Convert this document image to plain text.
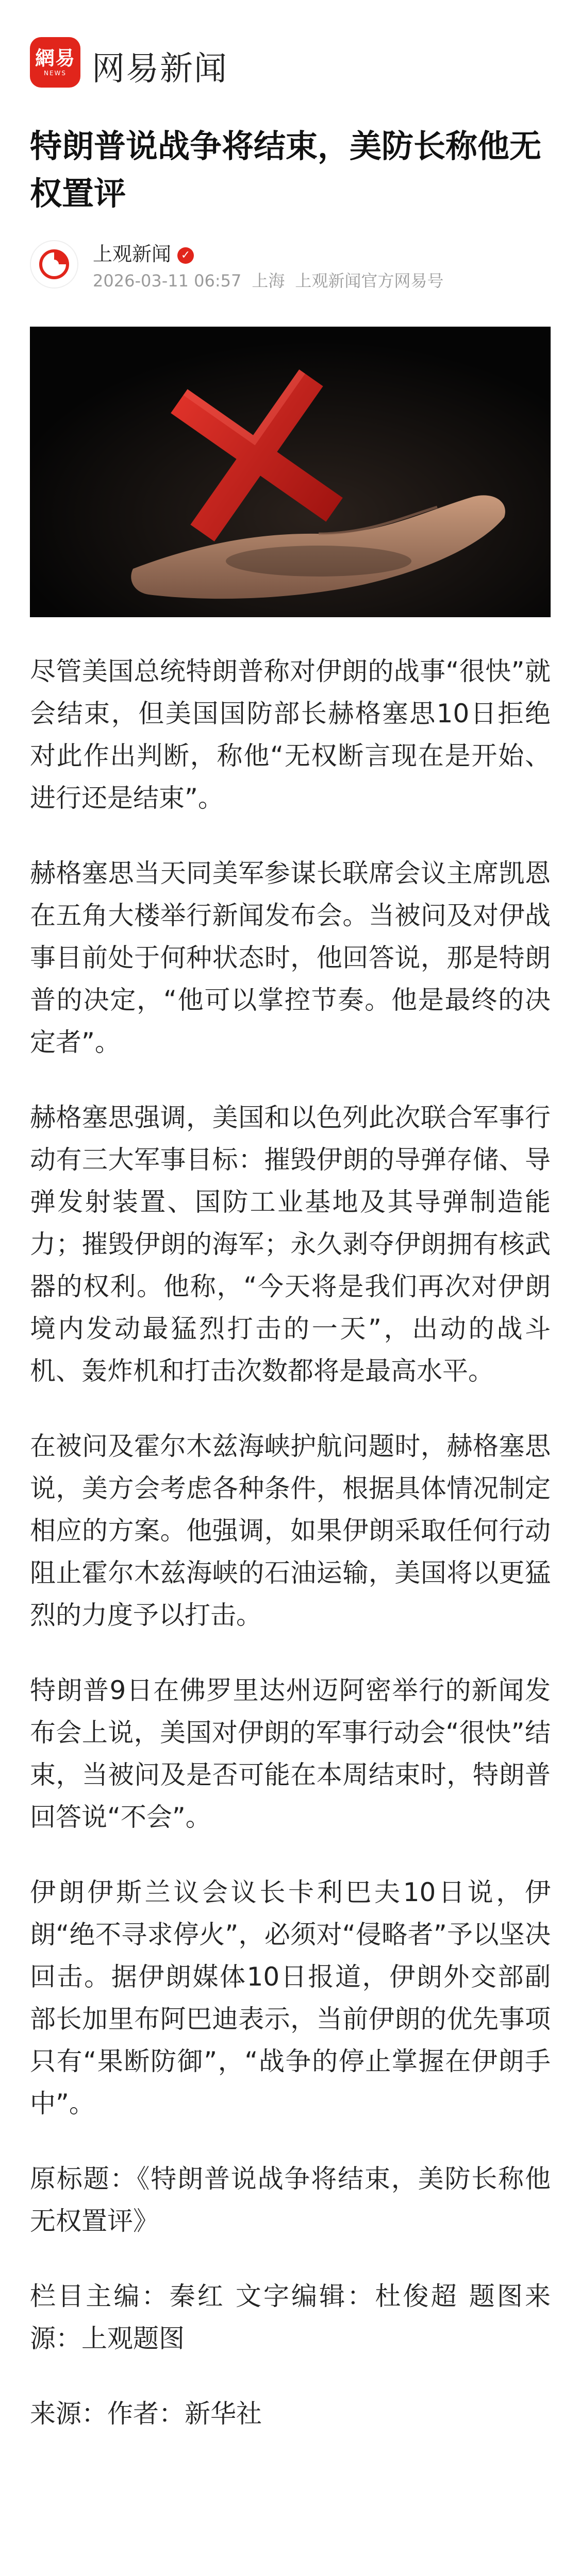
網易
NEWS 网易新闻
特朗普说战争将结束，美防长称他无权置评
上观新闻 ✓
2026-03-11 06:57 上海 上观新闻官方网易号

尽管美国总统特朗普称对伊朗的战事“很快”就会结束，但美国国防部长赫格塞思10日拒绝对此作出判断，称他“无权断言现在是开始、进行还是结束”。

赫格塞思当天同美军参谋长联席会议主席凯恩在五角大楼举行新闻发布会。当被问及对伊战事目前处于何种状态时，他回答说，那是特朗普的决定，“他可以掌控节奏。他是最终的决定者”。

赫格塞思强调，美国和以色列此次联合军事行动有三大军事目标：摧毁伊朗的导弹存储、导弹发射装置、国防工业基地及其导弹制造能力；摧毁伊朗的海军；永久剥夺伊朗拥有核武器的权利。他称，“今天将是我们再次对伊朗境内发动最猛烈打击的一天”，出动的战斗机、轰炸机和打击次数都将是最高水平。

在被问及霍尔木兹海峡护航问题时，赫格塞思说，美方会考虑各种条件，根据具体情况制定相应的方案。他强调，如果伊朗采取任何行动阻止霍尔木兹海峡的石油运输，美国将以更猛烈的力度予以打击。

特朗普9日在佛罗里达州迈阿密举行的新闻发布会上说，美国对伊朗的军事行动会“很快”结束，当被问及是否可能在本周结束时，特朗普回答说“不会”。

伊朗伊斯兰议会议长卡利巴夫10日说，伊朗“绝不寻求停火”，必须对“侵略者”予以坚决回击。据伊朗媒体10日报道，伊朗外交部副部长加里布阿巴迪表示，当前伊朗的优先事项只有“果断防御”，“战争的停止掌握在伊朗手中”。

原标题：《特朗普说战争将结束，美防长称他无权置评》

栏目主编：秦红 文字编辑：杜俊超 题图来源：上观题图

来源：作者：新华社
